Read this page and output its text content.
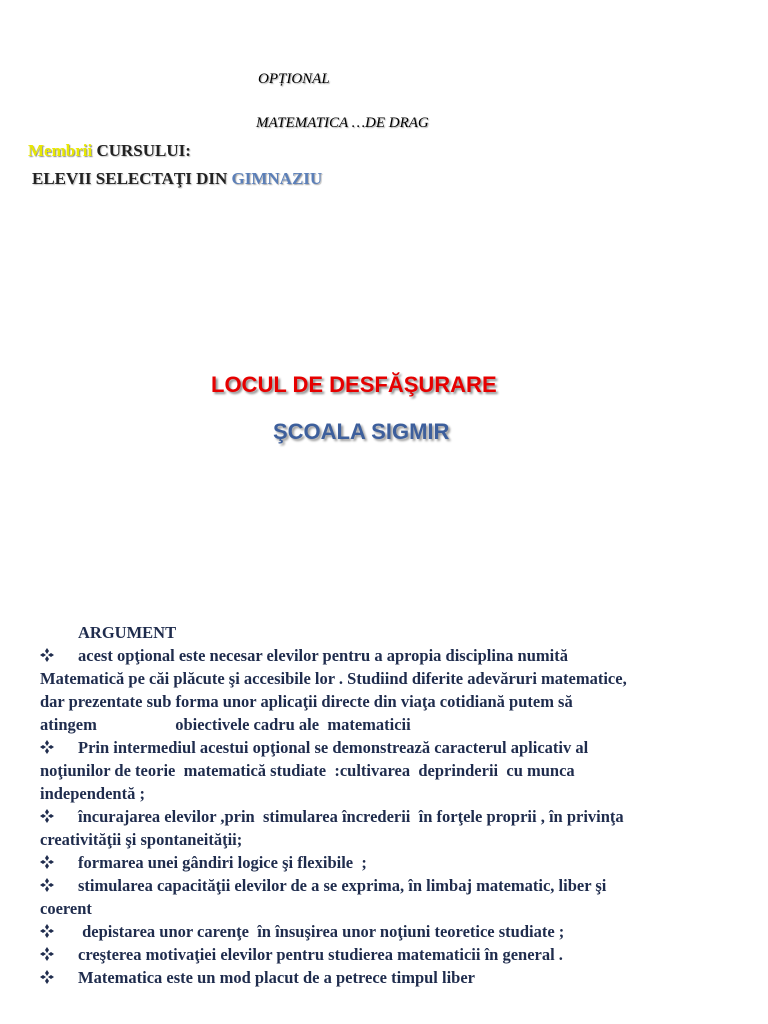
OPȚIONAL
MATEMATICA …DE DRAG
Membrii CURSULUI:
ELEVII SELECTAŢI DIN GIMNAZIU
LOCUL DE DESFĂŞURARE
ŞCOALA SIGMIR
ARGUMENT
acest opţional este necesar elevilor pentru a apropia disciplina numită
Matematică pe căi plăcute şi accesibile lor . Studiind diferite adevăruri matematice,
dar prezentate sub forma unor aplicaţii directe din viaţa cotidiană putem să
atingem                   obiectivele cadru ale  matematicii
Prin intermediul acestui opţional se demonstrează caracterul aplicativ al
noţiunilor de teorie  matematică studiate  :cultivarea  deprinderii  cu munca
independentă ;
încurajarea elevilor ,prin  stimularea încrederii  în forţele proprii , în privinţa
creativităţii şi spontaneităţii;
formarea unei gândiri logice şi flexibile  ;
stimularea capacităţii elevilor de a se exprima, în limbaj matematic, liber şi
coerent
depistarea unor carenţe  în însuşirea unor noţiuni teoretice studiate ;
creşterea motivaţiei elevilor pentru studierea matematicii în general .
Matematica este un mod placut de a petrece timpul liber
